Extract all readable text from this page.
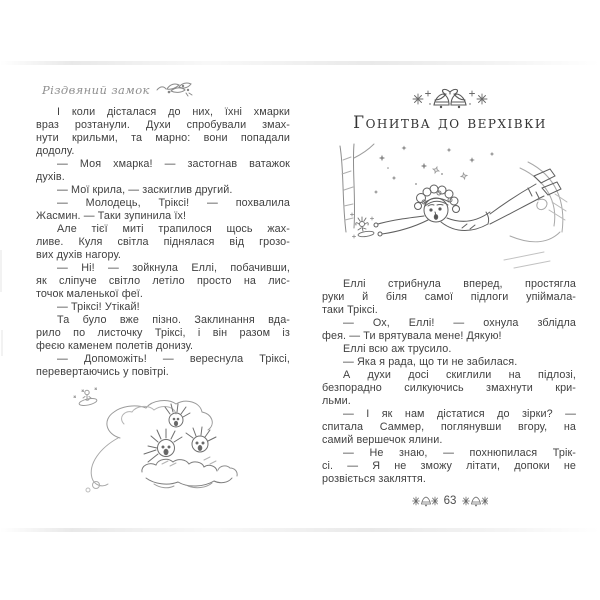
Різдвяний замок
І коли дісталася до них, їхні хмарки
враз розтанули. Духи спробували змах-
нути крильми, та марно: вони попадали
додолу.
— Моя хмарка! — застогнав ватажок
духів.
— Мої крила, — заскиглив другий.
— Молодець, Тріксі! — похвалила
Жасмин. — Таки зупинила їх!
Але тієї миті трапилося щось жах-
ливе. Куля світла піднялася від грозо-
вих духів нагору.
— Ні! — зойкнула Еллі, побачивши,
як сліпуче світло летіло просто на лис-
точок маленької феї.
— Тріксі! Утікай!
Та було вже пізно. Заклинання вда-
рило по листочку Тріксі, і він разом із
феєю каменем полетів донизу.
— Допоможіть! — вереснула Тріксі,
перевертаючись у повітрі.
Гонитва до верхівки
Еллі стрибнула вперед, простягла
руки й біля самої підлоги упіймала-
таки Тріксі.
— Ох, Еллі! — охнула зблідла
фея. — Ти врятувала мене! Дякую!
Еллі всю аж трусило.
— Яка я рада, що ти не забилася.
А духи досі скиглили на підлозі,
безпорадно силкуючись змахнути кри-
льми.
— І як нам дістатися до зірки? —
спитала Саммер, поглянувши вгору, на
самий вершечок ялини.
— Не знаю, — похнюпилася Трік-
сі. — Я не зможу літати, допоки не
розвіється закляття.
63
